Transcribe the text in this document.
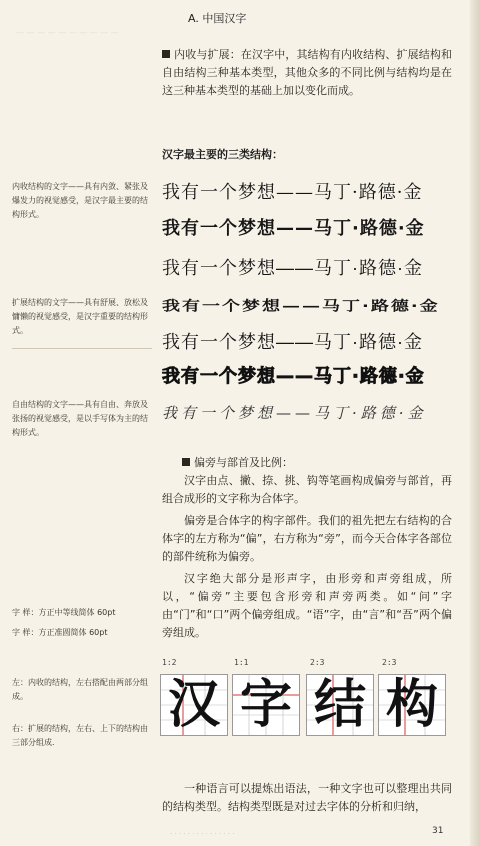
— — — — — — — — — —
A. 中国汉字
内收与扩展：在汉字中，其结构有内收结构、扩展结构和自由结构三种基本类型，其他众多的不同比例与结构均是在这三种基本类型的基础上加以变化而成。
汉字最主要的三类结构：
我有一个梦想——马丁·路德·金
我有一个梦想——马丁·路德·金
我有一个梦想——马丁·路德·金
我有一个梦想——马丁·路德·金
我有一个梦想——马丁·路德·金
我有一个梦想——马丁·路德·金
我有一个梦想——马丁·路德·金
内收结构的文字——具有内敛、紧张及爆发力的视觉感受，是汉字最主要的结构形式。
扩展结构的文字——具有舒展、放松及慵懒的视觉感受，是汉字重要的结构形式。
自由结构的文字——具有自由、奔放及张扬的视觉感受，是以手写体为主的结构形式。
偏旁与部首及比例：
汉字由点、撇、捺、挑、钩等笔画构成偏旁与部首，再组合成形的文字称为合体字。
偏旁是合体字的构字部件。我们的祖先把左右结构的合体字的左方称为“偏”，右方称为“旁”，而今天合体字各部位的部件统称为偏旁。
汉字绝大部分是形声字，由形旁和声旁组成，所以，“偏旁”主要包含形旁和声旁两类。如“问”字由“门”和“口”两个偏旁组成。“语”字，由“言”和“吾”两个偏旁组成。
字 样：方正中等线简体 60pt
字 样：方正准圆简体 60pt
左：内收的结构，左右搭配由两部分组成。
右：扩展的结构，左右、上下的结构由三部分组成.
1:2	1:1	2:3	2:3
汉 字 结 构
一种语言可以提炼出语法，一种文字也可以整理出共同的结构类型。结构类型既是对过去字体的分析和归纳，
· · · · · · · · · · · · · · ·	31
